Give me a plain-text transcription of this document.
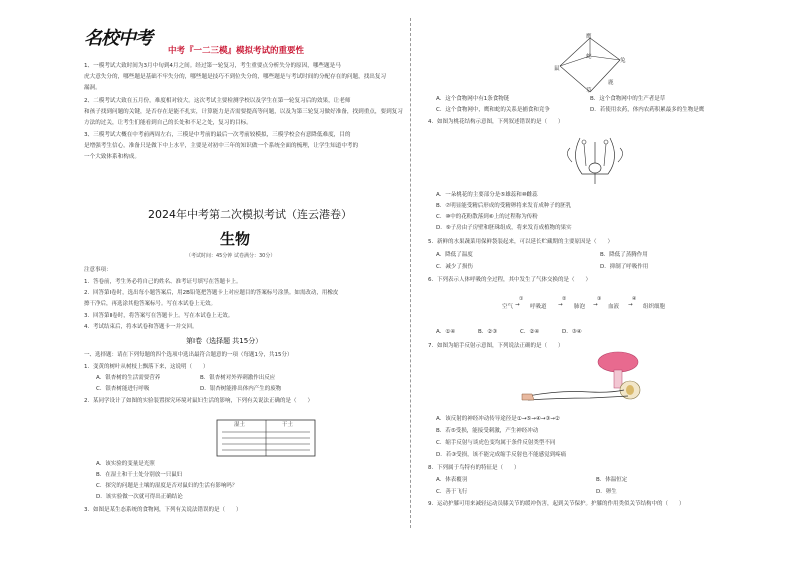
名校中考
中考『一二三模』模拟考试的重要性
1、一模考试大致时间为3月中旬到4月之间。经过第一轮复习，考生重要点分析失分的原因，哪些题是马
虎大意失分的，哪些题是基础不牢失分的，哪些题是技巧不到位失分的，哪些题是与考试时间的分配存在的问题，找出复习
漏洞。
2、二模考试大致在五月份，难度相对较大。这次考试主要检测学校以及学生在第一轮复习后的效果，让老师
和孩子找到问题的关键，是否存在是能不扎实，计算能力是否需要提高等问题，以及为第三轮复习做好准备，找到重点，要到复习
方法的过关，让考生们能看到自己的长处和不足之处，复习的目标。
3、三模考试大概在中考前两周左右，三模是中考前的最后一次考前较模拟，三模学校会有意降低难度，目的
是增强考生信心，准备只是做下中上水平，主要是对初中三年的知识做一个系统全面的梳理，让学生知道中考的
一个大致体系和构成。
2024年中考第二次模拟考试（连云港卷）
生物
（考试时间：45分钟 试卷满分：30分）
注意事项：
1．答卷前，考生务必将自己的姓名、准考证号填写在答题卡上。
2．回答第Ⅰ卷时，选出每小题答案后，用2B铅笔把答题卡上对应题目的答案标号涂黑。如需改动，用橡皮
擦干净后，再选涂其他答案标号。写在本试卷上无效。
3．回答第Ⅱ卷时，将答案写在答题卡上。写在本试卷上无效。
4．考试结束后，将本试卷和答题卡一并交回。
第Ⅰ卷（选择题 共15分）
一、选择题：请在下列每题的四个选项中选出最符合题意的一项（每题1分，共15分）
1．变黄的树叶从树枝上飘落下来，这说明（　　）
A．银杏树的生活需要营养	B．银杏树对外界刺激作出反应
C．银杏树能进行呼吸	D．银杏树能排出体内产生的废物
2．某同学设计了如图的实验装置探究环境对鼠妇生活的影响，下列有关说法正确的是（　　）
湿土	干土
A．该实验的变量是光照
B．在湿土和干土处分别放一只鼠妇
C．探究的问题是土壤的湿度是否对鼠妇的生活有影响吗？
D．该实验做一次就可得出正确结论
3．如图是某生态系统的食物网，下列有关说法错误的是（　　）
鹰
蛇
鼠
兔
草
鹿
A．这个食物网中有1条食物链	B．这个食物网中的生产者是草
C．这个食物网中，鹰和蛇的关系是捕食和竞争	D．若使用农药，体内农药积累最多的生物是鹰
4．如图为桃花结构示意图，下列叙述错误的是（　　）
A．一朵桃花的主要部分是⑤雄蕊和⑩雌蕊
B．⑦明显能受精后形成的受精卵将来发育成种子的胚乳
C．⑩中的花粉散落到⑥上的过程称为传粉
D．⑨子房由子房壁和胚珠组成，将来发育成植物的果实
5．新鲜的水果蔬菜用保鲜袋装起来，可以延长贮藏期的主要原因是（　　）
A．降低了温度	B．降低了蒸腾作用
C．减少了损伤	D．抑制了呼吸作用
6．下列表示人体呼吸的全过程，其中发生了气体交换的是（　　）
空气
①
→ 呼吸道
②
→ 肺泡
③
→ 血液
④
→ 组织细胞
A．①④	B．②③	C．②④	D．③④
7．如图为缩手反射示意图，下列说法正确的是（　　）
A．该反射的神经冲动传导途径是①→⑤→④→③→②
B．若⑤受损，能接受刺激，产生神经冲动
C．缩手反射与谈虎色变均属于条件反射类型不同
D．若③受损，该不能完成缩手反射也不能感觉到疼痛
8．下列属于鸟特有的特征是（　　）
A．体表覆羽	B．体温恒定
C．善于飞行	D．卵生
9．运动护膝可用来减轻运动员膝关节的缓冲伤害，起到关节保护。护膝的作用类似关节结构中的（　　）
